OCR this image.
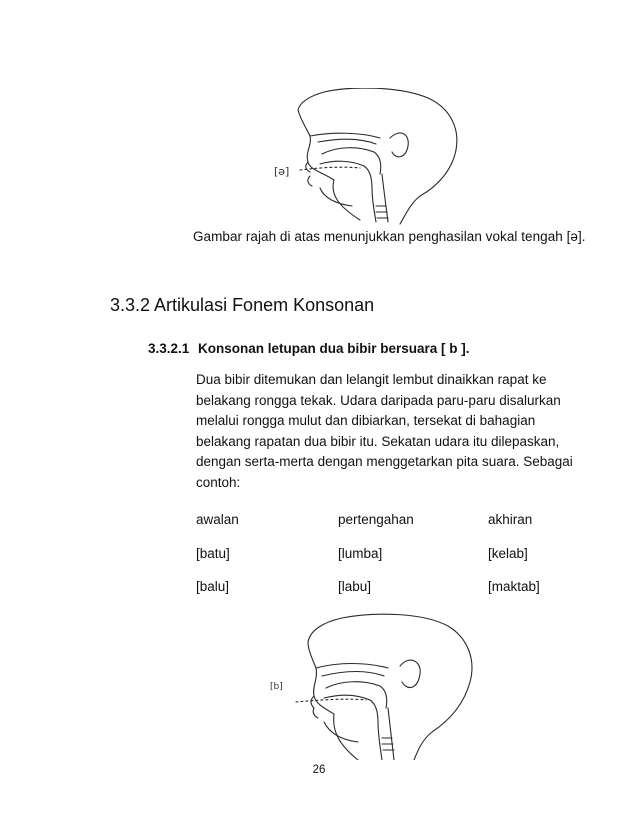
[ə]
Gambar rajah di atas menunjukkan penghasilan vokal tengah [ə].
3.3.2 Artikulasi Fonem Konsonan
3.3.2.1 Konsonan letupan dua bibir bersuara [ b ].
Dua bibir ditemukan dan lelangit lembut dinaikkan rapat ke
belakang rongga tekak. Udara daripada paru-paru disalurkan
melalui rongga mulut dan dibiarkan, tersekat di bahagian
belakang rapatan dua bibir itu. Sekatan udara itu dilepaskan,
dengan serta-merta dengan menggetarkan pita suara. Sebagai
contoh:
awalan	pertengahan	akhiran
[batu]	[lumba]	[kelab]
[balu]	[labu]	[maktab]
[b]
26
